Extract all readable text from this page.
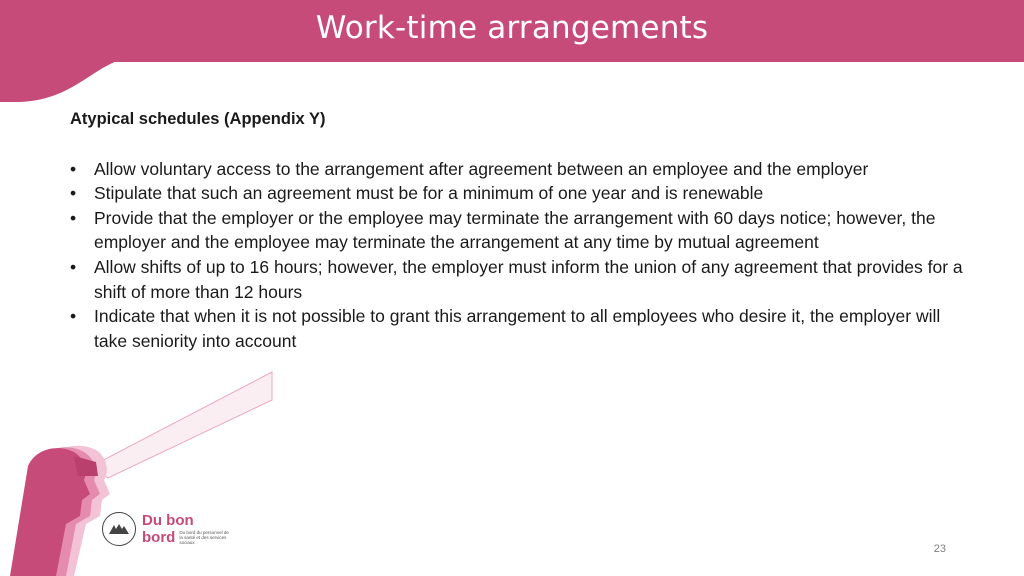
Work-time arrangements
Atypical schedules (Appendix Y)
• Allow voluntary access to the arrangement after agreement between an employee and the employer
• Stipulate that such an agreement must be for a minimum of one year and is renewable
• Provide that the employer or the employee may terminate the arrangement with 60 days notice; however, the employer and the employee may terminate the arrangement at any time by mutual agreement
• Allow shifts of up to 16 hours; however, the employer must inform the union of any agreement that provides for a shift of more than 12 hours
• Indicate that when it is not possible to grant this arrangement to all employees who desire it, the employer will take seniority into account
Du bon
bord Du bord du personnel de la santé et des services sociaux
23
